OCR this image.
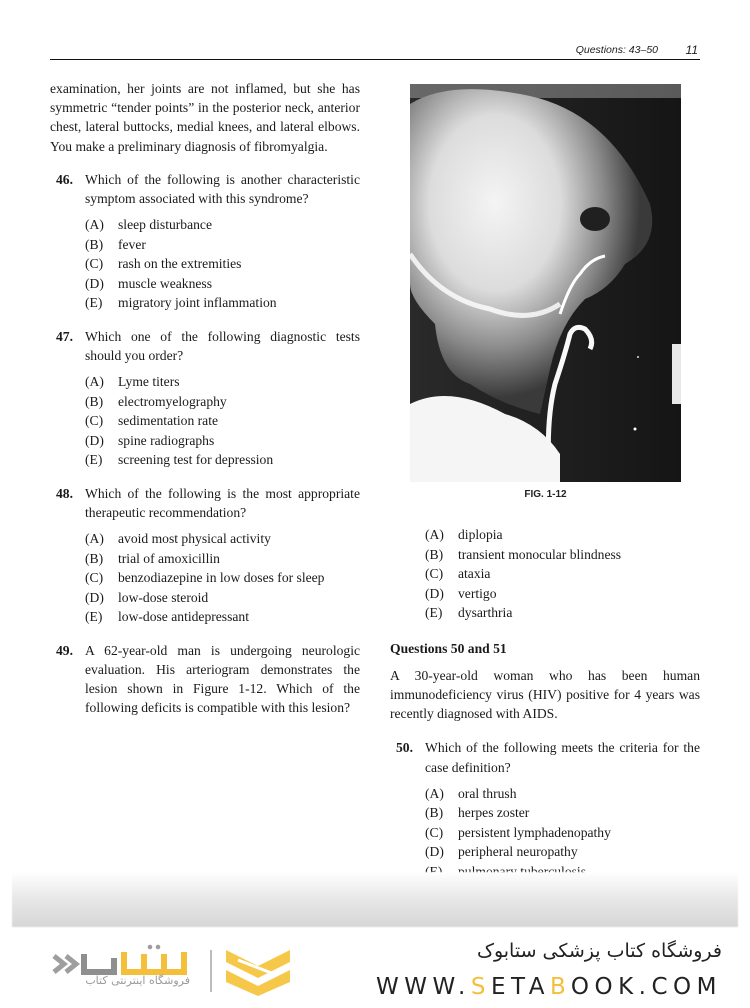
Questions: 43–50 11

examination, her joints are not inflamed, but she has symmetric “tender points” in the posterior neck, anterior chest, lateral buttocks, medial knees, and lateral elbows. You make a preliminary diagnosis of fibromyalgia.

46. Which of the following is another characteristic symptom associated with this syndrome?
(A)	sleep disturbance
(B)	fever
(C)	rash on the extremities
(D)	muscle weakness
(E)	migratory joint inflammation
47. Which one of the following diagnostic tests should you order?
(A)	Lyme titers
(B)	electromyelography
(C)	sedimentation rate
(D)	spine radiographs
(E)	screening test for depression
48. Which of the following is the most appropriate therapeutic recommendation?
(A)	avoid most physical activity
(B)	trial of amoxicillin
(C)	benzodiazepine in low doses for sleep
(D)	low-dose steroid
(E)	low-dose antidepressant
49. A 62-year-old man is undergoing neurologic evaluation. His arteriogram demonstrates the lesion shown in Figure 1-12. Which of the following deficits is compatible with this lesion?
FIG. 1-12
(A)	diplopia
(B)	transient monocular blindness
(C)	ataxia
(D)	vertigo
(E)	dysarthria
Questions 50 and 51

A 30-year-old woman who has been human immunodeficiency virus (HIV) positive for 4 years was recently diagnosed with AIDS.

50. Which of the following meets the criteria for the case definition?
(A)	oral thrush
(B)	herpes zoster
(C)	persistent lymphadenopathy
(D)	peripheral neuropathy
فروشگاه اینترنتی کتاب
فروشگاه کتاب پزشکی ستابوک
WWW.SETABOOK.COM
